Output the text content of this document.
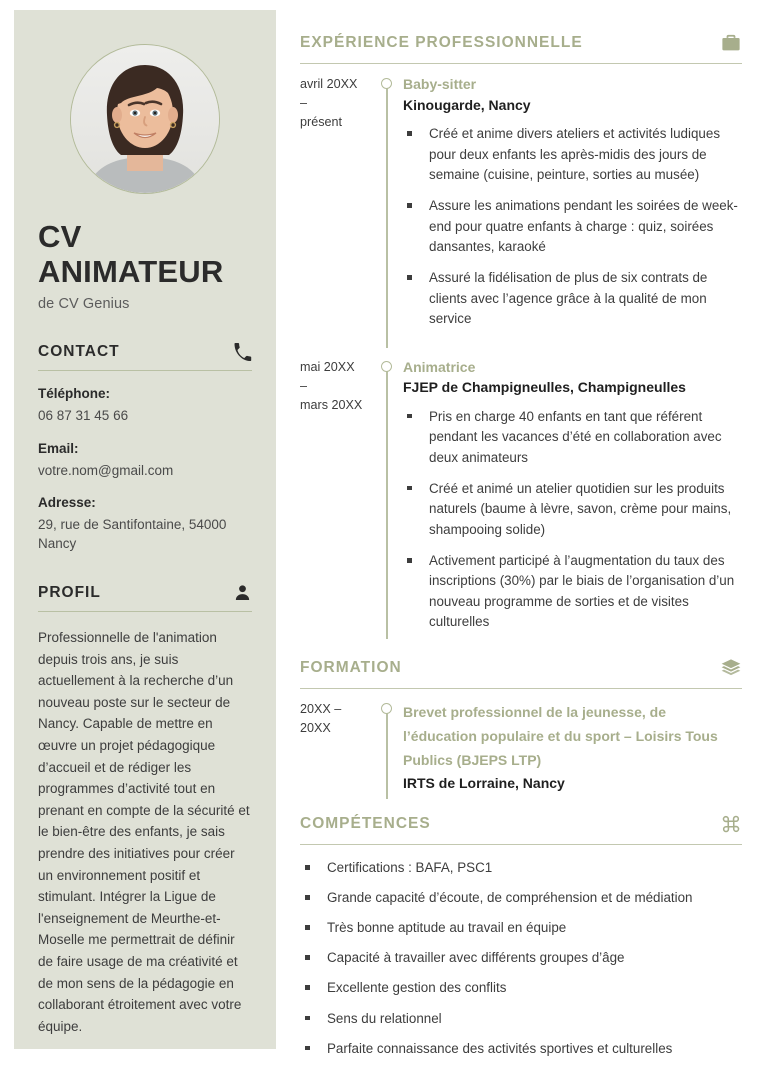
CV
ANIMATEUR
de CV Genius
CONTACT
Téléphone:
06 87 31 45 66
Email:
votre.nom@gmail.com
Adresse:
29, rue de Santifontaine, 54000 Nancy
PROFIL
Professionnelle de l'animation depuis trois ans, je suis actuellement à la recherche d’un nouveau poste sur le secteur de Nancy. Capable de mettre en œuvre un projet pédagogique d’accueil et de rédiger les programmes d’activité tout en prenant en compte de la sécurité et le bien-être des enfants, je sais prendre des initiatives pour créer un environnement positif et stimulant. Intégrer la Ligue de l'enseignement de Meurthe-et-Moselle me permettrait de définir de faire usage de ma créativité et de mon sens de la pédagogie en collaborant étroitement avec votre équipe.
EXPÉRIENCE PROFESSIONNELLE
avril 20XX
–
présent
Baby-sitter
Kinougarde, Nancy
Créé et anime divers ateliers et activités ludiques pour deux enfants les après-midis des jours de semaine (cuisine, peinture, sorties au musée)
Assure les animations pendant les soirées de week-end pour quatre enfants à charge : quiz, soirées dansantes, karaoké
Assuré la fidélisation de plus de six contrats de clients avec l’agence grâce à la qualité de mon service
mai 20XX
–
mars 20XX
Animatrice
FJEP de Champigneulles, Champigneulles
Pris en charge 40 enfants en tant que référent pendant les vacances d’été en collaboration avec deux animateurs
Créé et animé un atelier quotidien sur les produits naturels (baume à lèvre, savon, crème pour mains, shampooing solide)
Activement participé à l’augmentation du taux des inscriptions (30%) par le biais de l’organisation d’un nouveau programme de sorties et de visites culturelles
FORMATION
20XX –
20XX
Brevet professionnel de la jeunesse, de l’éducation populaire et du sport – Loisirs Tous Publics (BJEPS LTP)
IRTS de Lorraine, Nancy
COMPÉTENCES
Certifications : BAFA, PSC1
Grande capacité d’écoute, de compréhension et de médiation
Très bonne aptitude au travail en équipe
Capacité à travailler avec différents groupes d’âge
Excellente gestion des conflits
Sens du relationnel
Parfaite connaissance des activités sportives et culturelles
